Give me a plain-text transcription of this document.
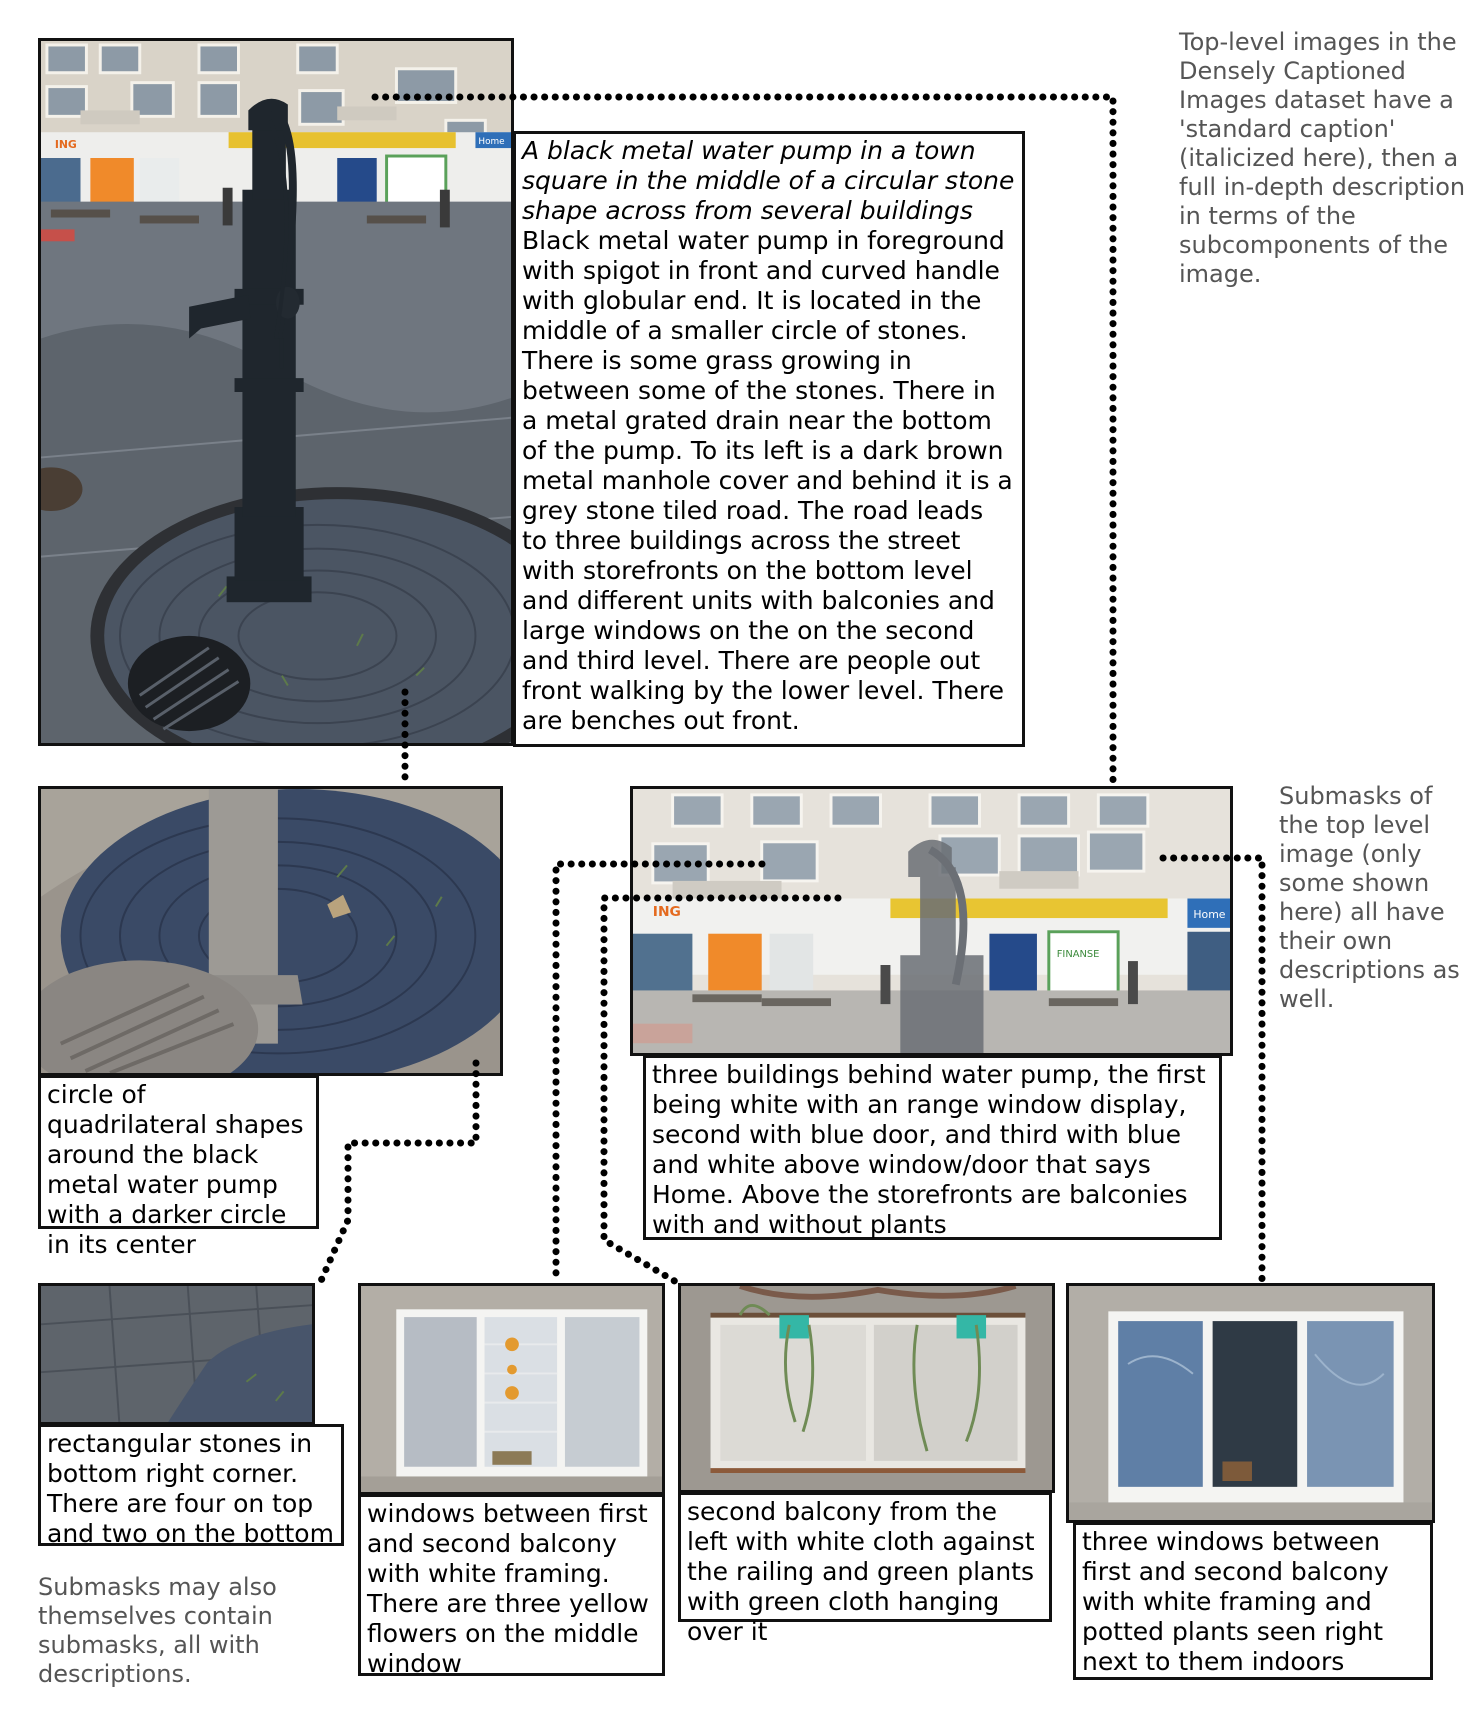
ING	Home A black metal water pump in a town square in the middle of a circular stone shape across from several buildings
Black metal water pump in foreground with spigot in front and curved handle with globular end. It is located in the middle of a smaller circle of stones. There is some grass growing in between some of the stones. There in a metal grated drain near the bottom of the pump. To its left is a dark brown metal manhole cover and behind it is a grey stone tiled road. The road leads to three buildings across the street with storefronts on the bottom level and different units with balconies and large windows on the on the second and third level. There are people out front walking by the lower level. There are benches out front.
Top-level images in the Densely Captioned Images dataset have a 'standard caption' (italicized here), then a full in-depth description in terms of the subcomponents of the image.
circle of quadrilateral shapes around the black metal water pump with a darker circle in its center
ING	Home
FINANSE
three buildings behind water pump, the first being white with an range window display, second with blue door, and third with blue and white above window/door that says Home. Above the storefronts are balconies with and without plants
Submasks of the top level image (only some shown here) all have their own descriptions as well.
rectangular stones in bottom right corner. There are four on top and two on the bottom
Submasks may also themselves contain submasks, all with descriptions.
windows between first and second balcony with white framing. There are three yellow flowers on the middle window
second balcony from the left with white cloth against the railing and green plants with green cloth hanging over it
three windows between first and second balcony with white framing and potted plants seen right next to them indoors
